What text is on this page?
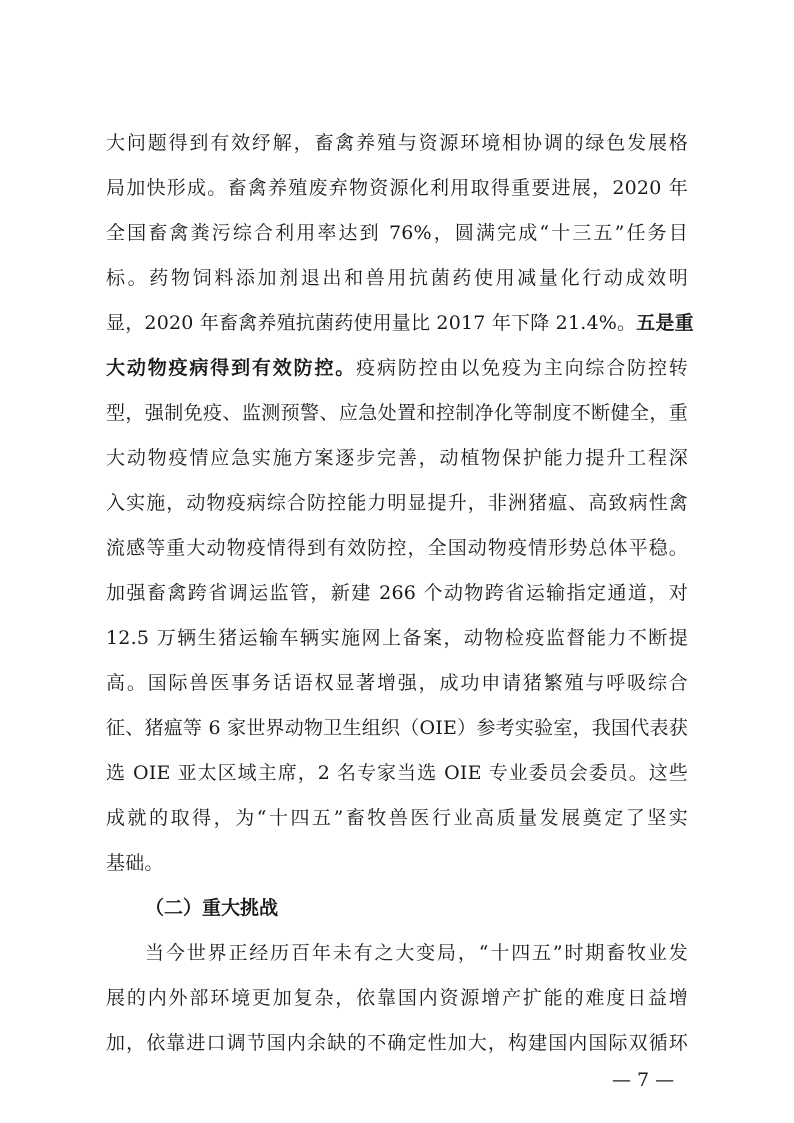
大问题得到有效纾解，畜禽养殖与资源环境相协调的绿色发展格
局加快形成。畜禽养殖废弃物资源化利用取得重要进展，2020 年
全国畜禽粪污综合利用率达到 76%，圆满完成“十三五”任务目
标。药物饲料添加剂退出和兽用抗菌药使用减量化行动成效明
显，2020 年畜禽养殖抗菌药使用量比 2017 年下降 21.4%。五是重
大动物疫病得到有效防控。疫病防控由以免疫为主向综合防控转
型，强制免疫、监测预警、应急处置和控制净化等制度不断健全，重
大动物疫情应急实施方案逐步完善，动植物保护能力提升工程深
入实施，动物疫病综合防控能力明显提升，非洲猪瘟、高致病性禽
流感等重大动物疫情得到有效防控，全国动物疫情形势总体平稳。
加强畜禽跨省调运监管，新建 266 个动物跨省运输指定通道，对
12.5 万辆生猪运输车辆实施网上备案，动物检疫监督能力不断提
高。国际兽医事务话语权显著增强，成功申请猪繁殖与呼吸综合
征、猪瘟等 6 家世界动物卫生组织（OIE）参考实验室，我国代表获
选 OIE 亚太区域主席，2 名专家当选 OIE 专业委员会委员。这些
成就的取得，为“十四五”畜牧兽医行业高质量发展奠定了坚实
基础。
（二）重大挑战
当今世界正经历百年未有之大变局，“十四五”时期畜牧业发
展的内外部环境更加复杂，依靠国内资源增产扩能的难度日益增
加，依靠进口调节国内余缺的不确定性加大，构建国内国际双循环
— 7 —
